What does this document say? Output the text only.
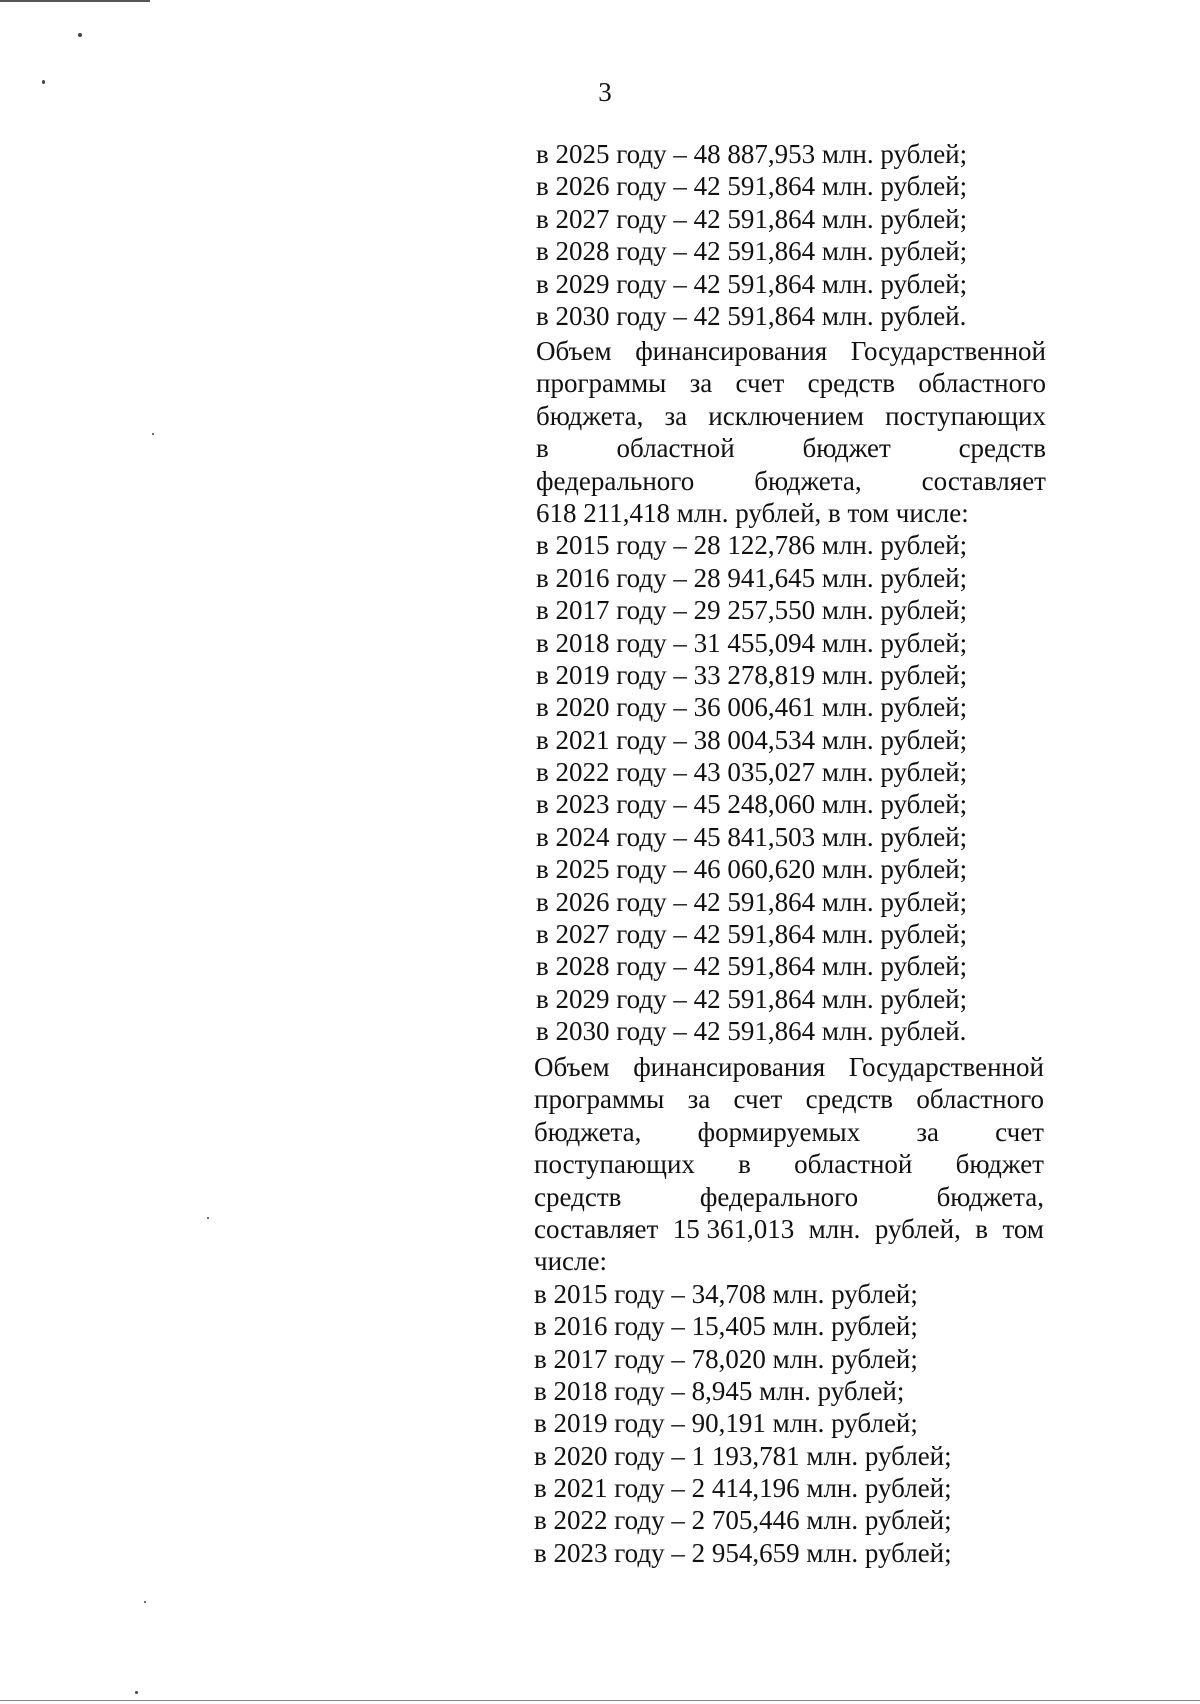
3
в 2025 году – 48 887,953 млн. рублей;
в 2026 году – 42 591,864 млн. рублей;
в 2027 году – 42 591,864 млн. рублей;
в 2028 году – 42 591,864 млн. рублей;
в 2029 году – 42 591,864 млн. рублей;
в 2030 году – 42 591,864 млн. рублей.
Объем финансирования Государственной
программы за счет средств областного
бюджета, за исключением поступающих
в	областной	бюджет	средств
федерального бюджета, составляет
618 211,418 млн. рублей, в том числе:
в 2015 году – 28 122,786 млн. рублей;
в 2016 году – 28 941,645 млн. рублей;
в 2017 году – 29 257,550 млн. рублей;
в 2018 году – 31 455,094 млн. рублей;
в 2019 году – 33 278,819 млн. рублей;
в 2020 году – 36 006,461 млн. рублей;
в 2021 году – 38 004,534 млн. рублей;
в 2022 году – 43 035,027 млн. рублей;
в 2023 году – 45 248,060 млн. рублей;
в 2024 году – 45 841,503 млн. рублей;
в 2025 году – 46 060,620 млн. рублей;
в 2026 году – 42 591,864 млн. рублей;
в 2027 году – 42 591,864 млн. рублей;
в 2028 году – 42 591,864 млн. рублей;
в 2029 году – 42 591,864 млн. рублей;
в 2030 году – 42 591,864 млн. рублей.
Объем финансирования Государственной
программы за счет средств областного
бюджета, формируемых за счет
поступающих в областной бюджет
средств	федерального	бюджета,
составляет 15 361,013 млн. рублей, в том
числе:
в 2015 году – 34,708 млн. рублей;
в 2016 году – 15,405 млн. рублей;
в 2017 году – 78,020 млн. рублей;
в 2018 году – 8,945 млн. рублей;
в 2019 году – 90,191 млн. рублей;
в 2020 году – 1 193,781 млн. рублей;
в 2021 году – 2 414,196 млн. рублей;
в 2022 году – 2 705,446 млн. рублей;
в 2023 году – 2 954,659 млн. рублей;
